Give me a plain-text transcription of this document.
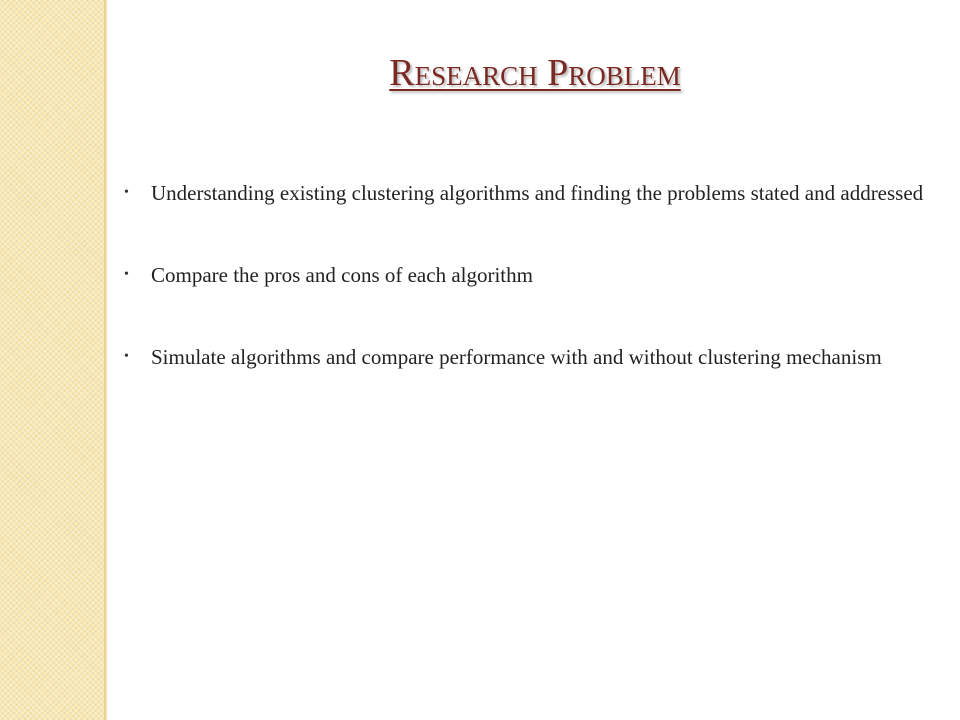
Research Problem
•	Understanding existing clustering algorithms and finding the problems stated and addressed
•	Compare the pros and cons of each algorithm
•	Simulate algorithms and compare performance with and without clustering mechanism
